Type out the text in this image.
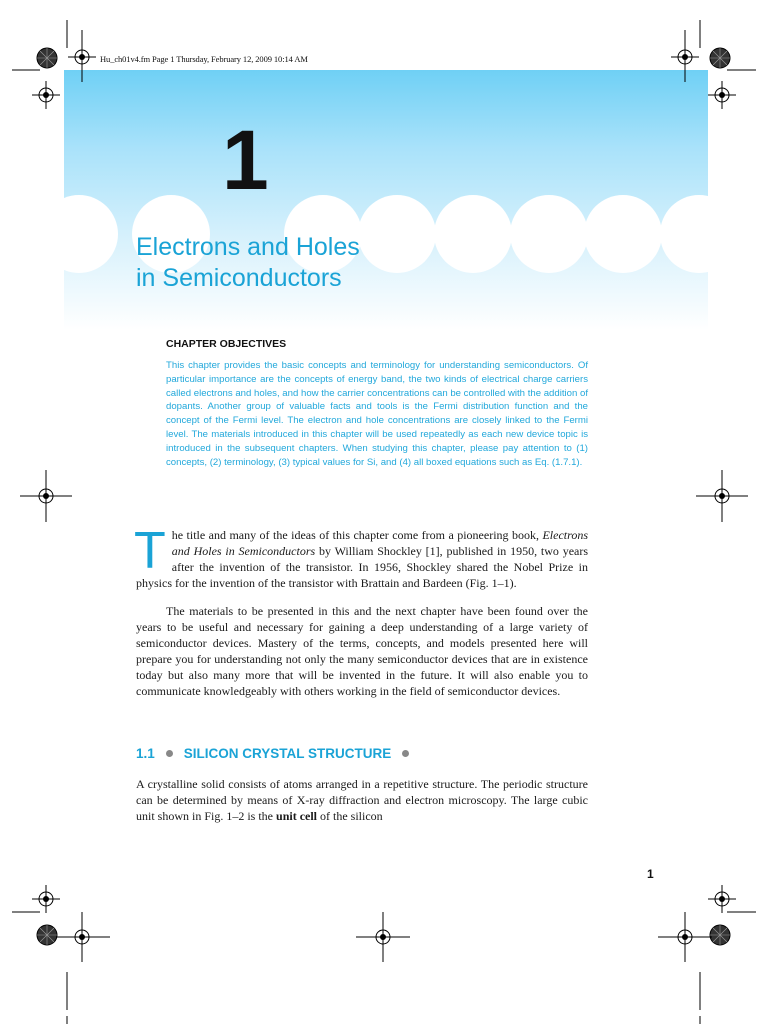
Hu_ch01v4.fm Page 1 Thursday, February 12, 2009 10:14 AM
1
Electrons and Holes
in Semiconductors
CHAPTER OBJECTIVES

This chapter provides the basic concepts and terminology for understanding semiconductors. Of particular importance are the concepts of energy band, the two kinds of electrical charge carriers called electrons and holes, and how the carrier concentrations can be controlled with the addition of dopants. Another group of valuable facts and tools is the Fermi distribution function and the concept of the Fermi level. The electron and hole concentrations are closely linked to the Fermi level. The materials introduced in this chapter will be used repeatedly as each new device topic is introduced in the subsequent chapters. When studying this chapter, please pay attention to (1) concepts, (2) terminology, (3) typical values for Si, and (4) all boxed equations such as Eq. (1.7.1).

The title and many of the ideas of this chapter come from a pioneering book, Electrons and Holes in Semiconductors by William Shockley [1], published in 1950, two years after the invention of the transistor. In 1956, Shockley shared the Nobel Prize in physics for the invention of the transistor with Brattain and Bardeen (Fig. 1–1).

The materials to be presented in this and the next chapter have been found over the years to be useful and necessary for gaining a deep understanding of a large variety of semiconductor devices. Mastery of the terms, concepts, and models presented here will prepare you for understanding not only the many semiconductor devices that are in existence today but also many more that will be invented in the future. It will also enable you to communicate knowledgeably with others working in the field of semiconductor devices.

1.1 SILICON CRYSTAL STRUCTURE

A crystalline solid consists of atoms arranged in a repetitive structure. The periodic structure can be determined by means of X-ray diffraction and electron microscopy. The large cubic unit shown in Fig. 1–2 is the unit cell of the silicon

1
